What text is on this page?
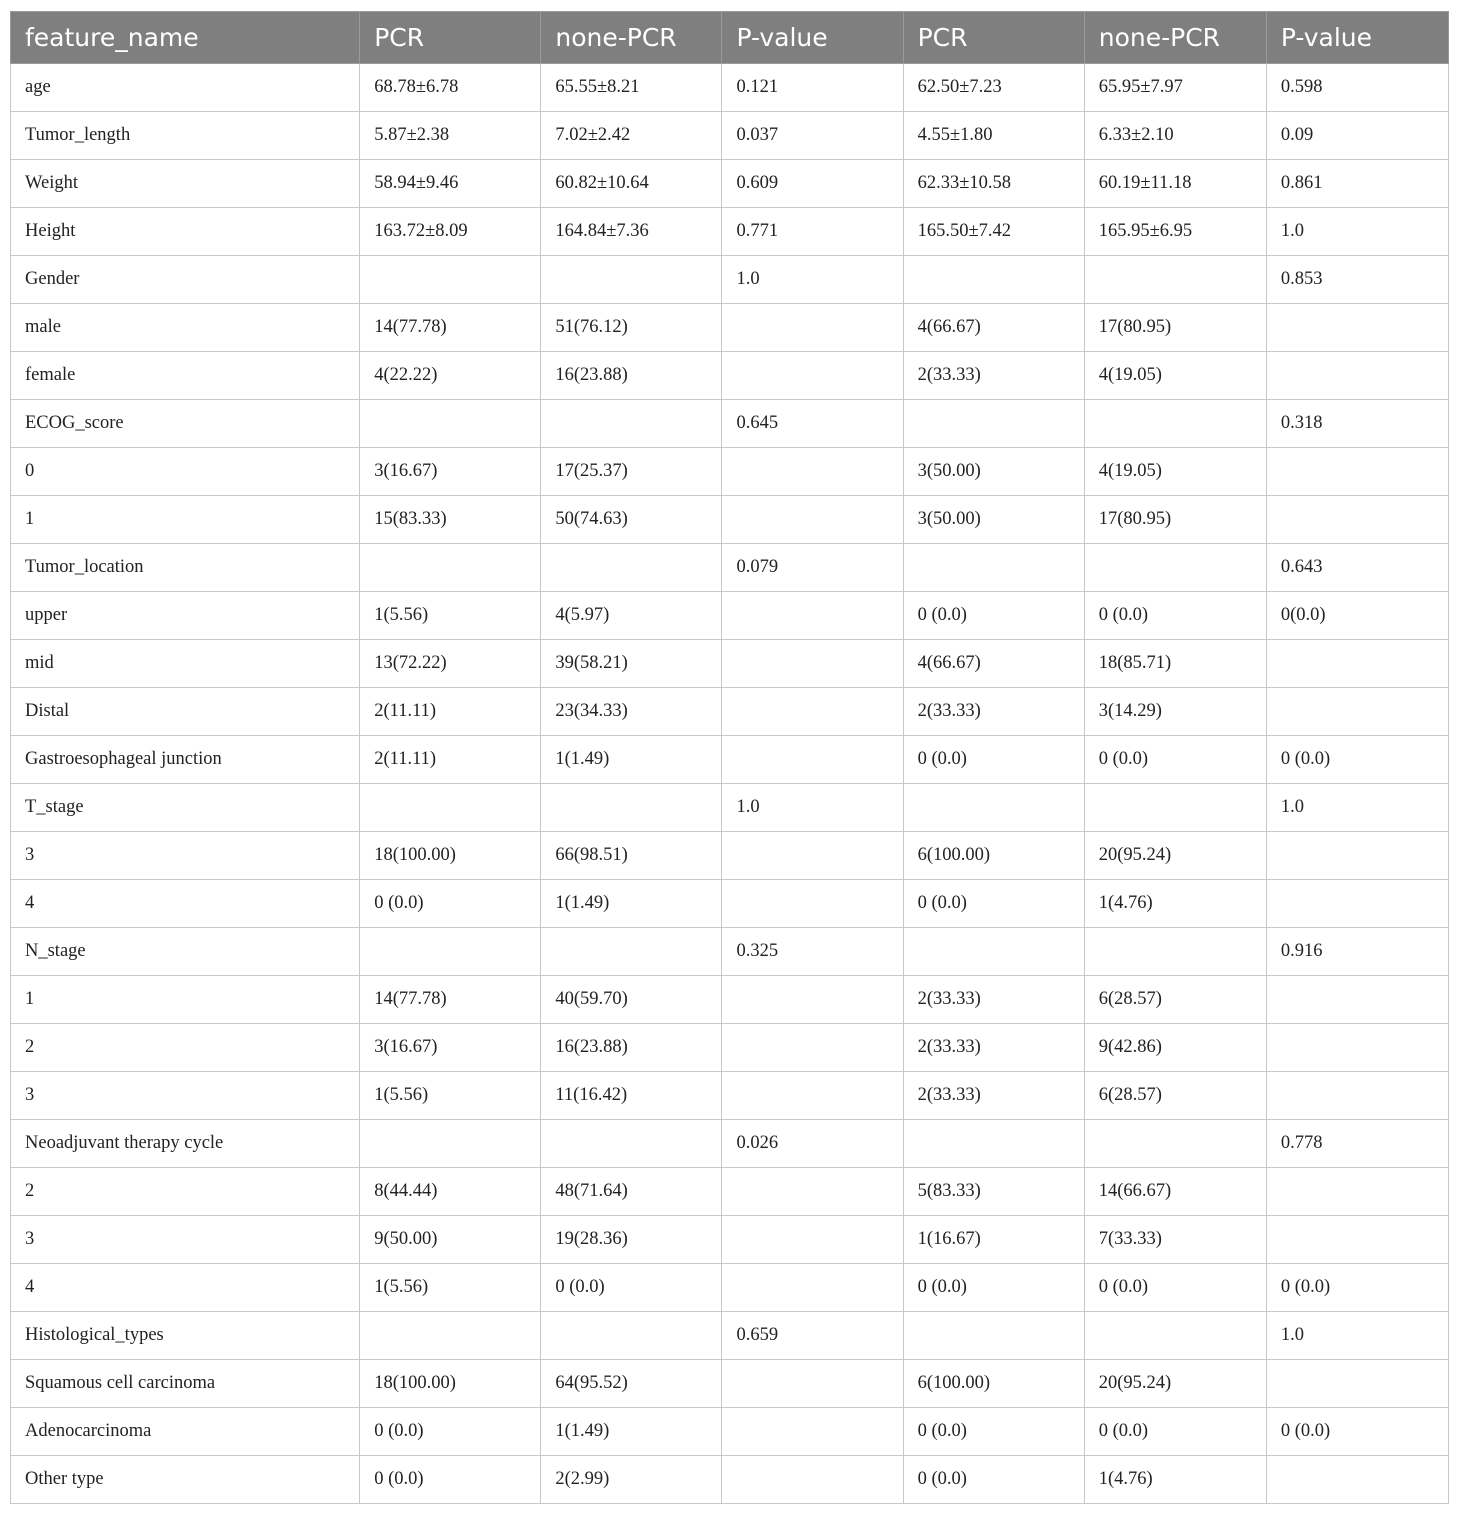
feature_name	PCR	none-PCR	P-value	PCR	none-PCR	P-value
age	68.78±6.78	65.55±8.21	0.121	62.50±7.23	65.95±7.97	0.598
Tumor_length	5.87±2.38	7.02±2.42	0.037	4.55±1.80	6.33±2.10	0.09
Weight	58.94±9.46	60.82±10.64	0.609	62.33±10.58	60.19±11.18	0.861
Height	163.72±8.09	164.84±7.36	0.771	165.50±7.42	165.95±6.95	1.0
Gender			1.0			0.853
male	14(77.78)	51(76.12)		4(66.67)	17(80.95)	
female	4(22.22)	16(23.88)		2(33.33)	4(19.05)	
ECOG_score			0.645			0.318
0	3(16.67)	17(25.37)		3(50.00)	4(19.05)	
1	15(83.33)	50(74.63)		3(50.00)	17(80.95)	
Tumor_location			0.079			0.643
upper	1(5.56)	4(5.97)		0 (0.0)	0 (0.0)	0(0.0)
mid	13(72.22)	39(58.21)		4(66.67)	18(85.71)	
Distal	2(11.11)	23(34.33)		2(33.33)	3(14.29)	
Gastroesophageal junction	2(11.11)	1(1.49)		0 (0.0)	0 (0.0)	0 (0.0)
T_stage			1.0			1.0
3	18(100.00)	66(98.51)		6(100.00)	20(95.24)	
4	0 (0.0)	1(1.49)		0 (0.0)	1(4.76)	
N_stage			0.325			0.916
1	14(77.78)	40(59.70)		2(33.33)	6(28.57)	
2	3(16.67)	16(23.88)		2(33.33)	9(42.86)	
3	1(5.56)	11(16.42)		2(33.33)	6(28.57)	
Neoadjuvant therapy cycle			0.026			0.778
2	8(44.44)	48(71.64)		5(83.33)	14(66.67)	
3	9(50.00)	19(28.36)		1(16.67)	7(33.33)	
4	1(5.56)	0 (0.0)		0 (0.0)	0 (0.0)	0 (0.0)
Histological_types			0.659			1.0
Squamous cell carcinoma	18(100.00)	64(95.52)		6(100.00)	20(95.24)	
Adenocarcinoma	0 (0.0)	1(1.49)		0 (0.0)	0 (0.0)	0 (0.0)
Other type	0 (0.0)	2(2.99)		0 (0.0)	1(4.76)	
